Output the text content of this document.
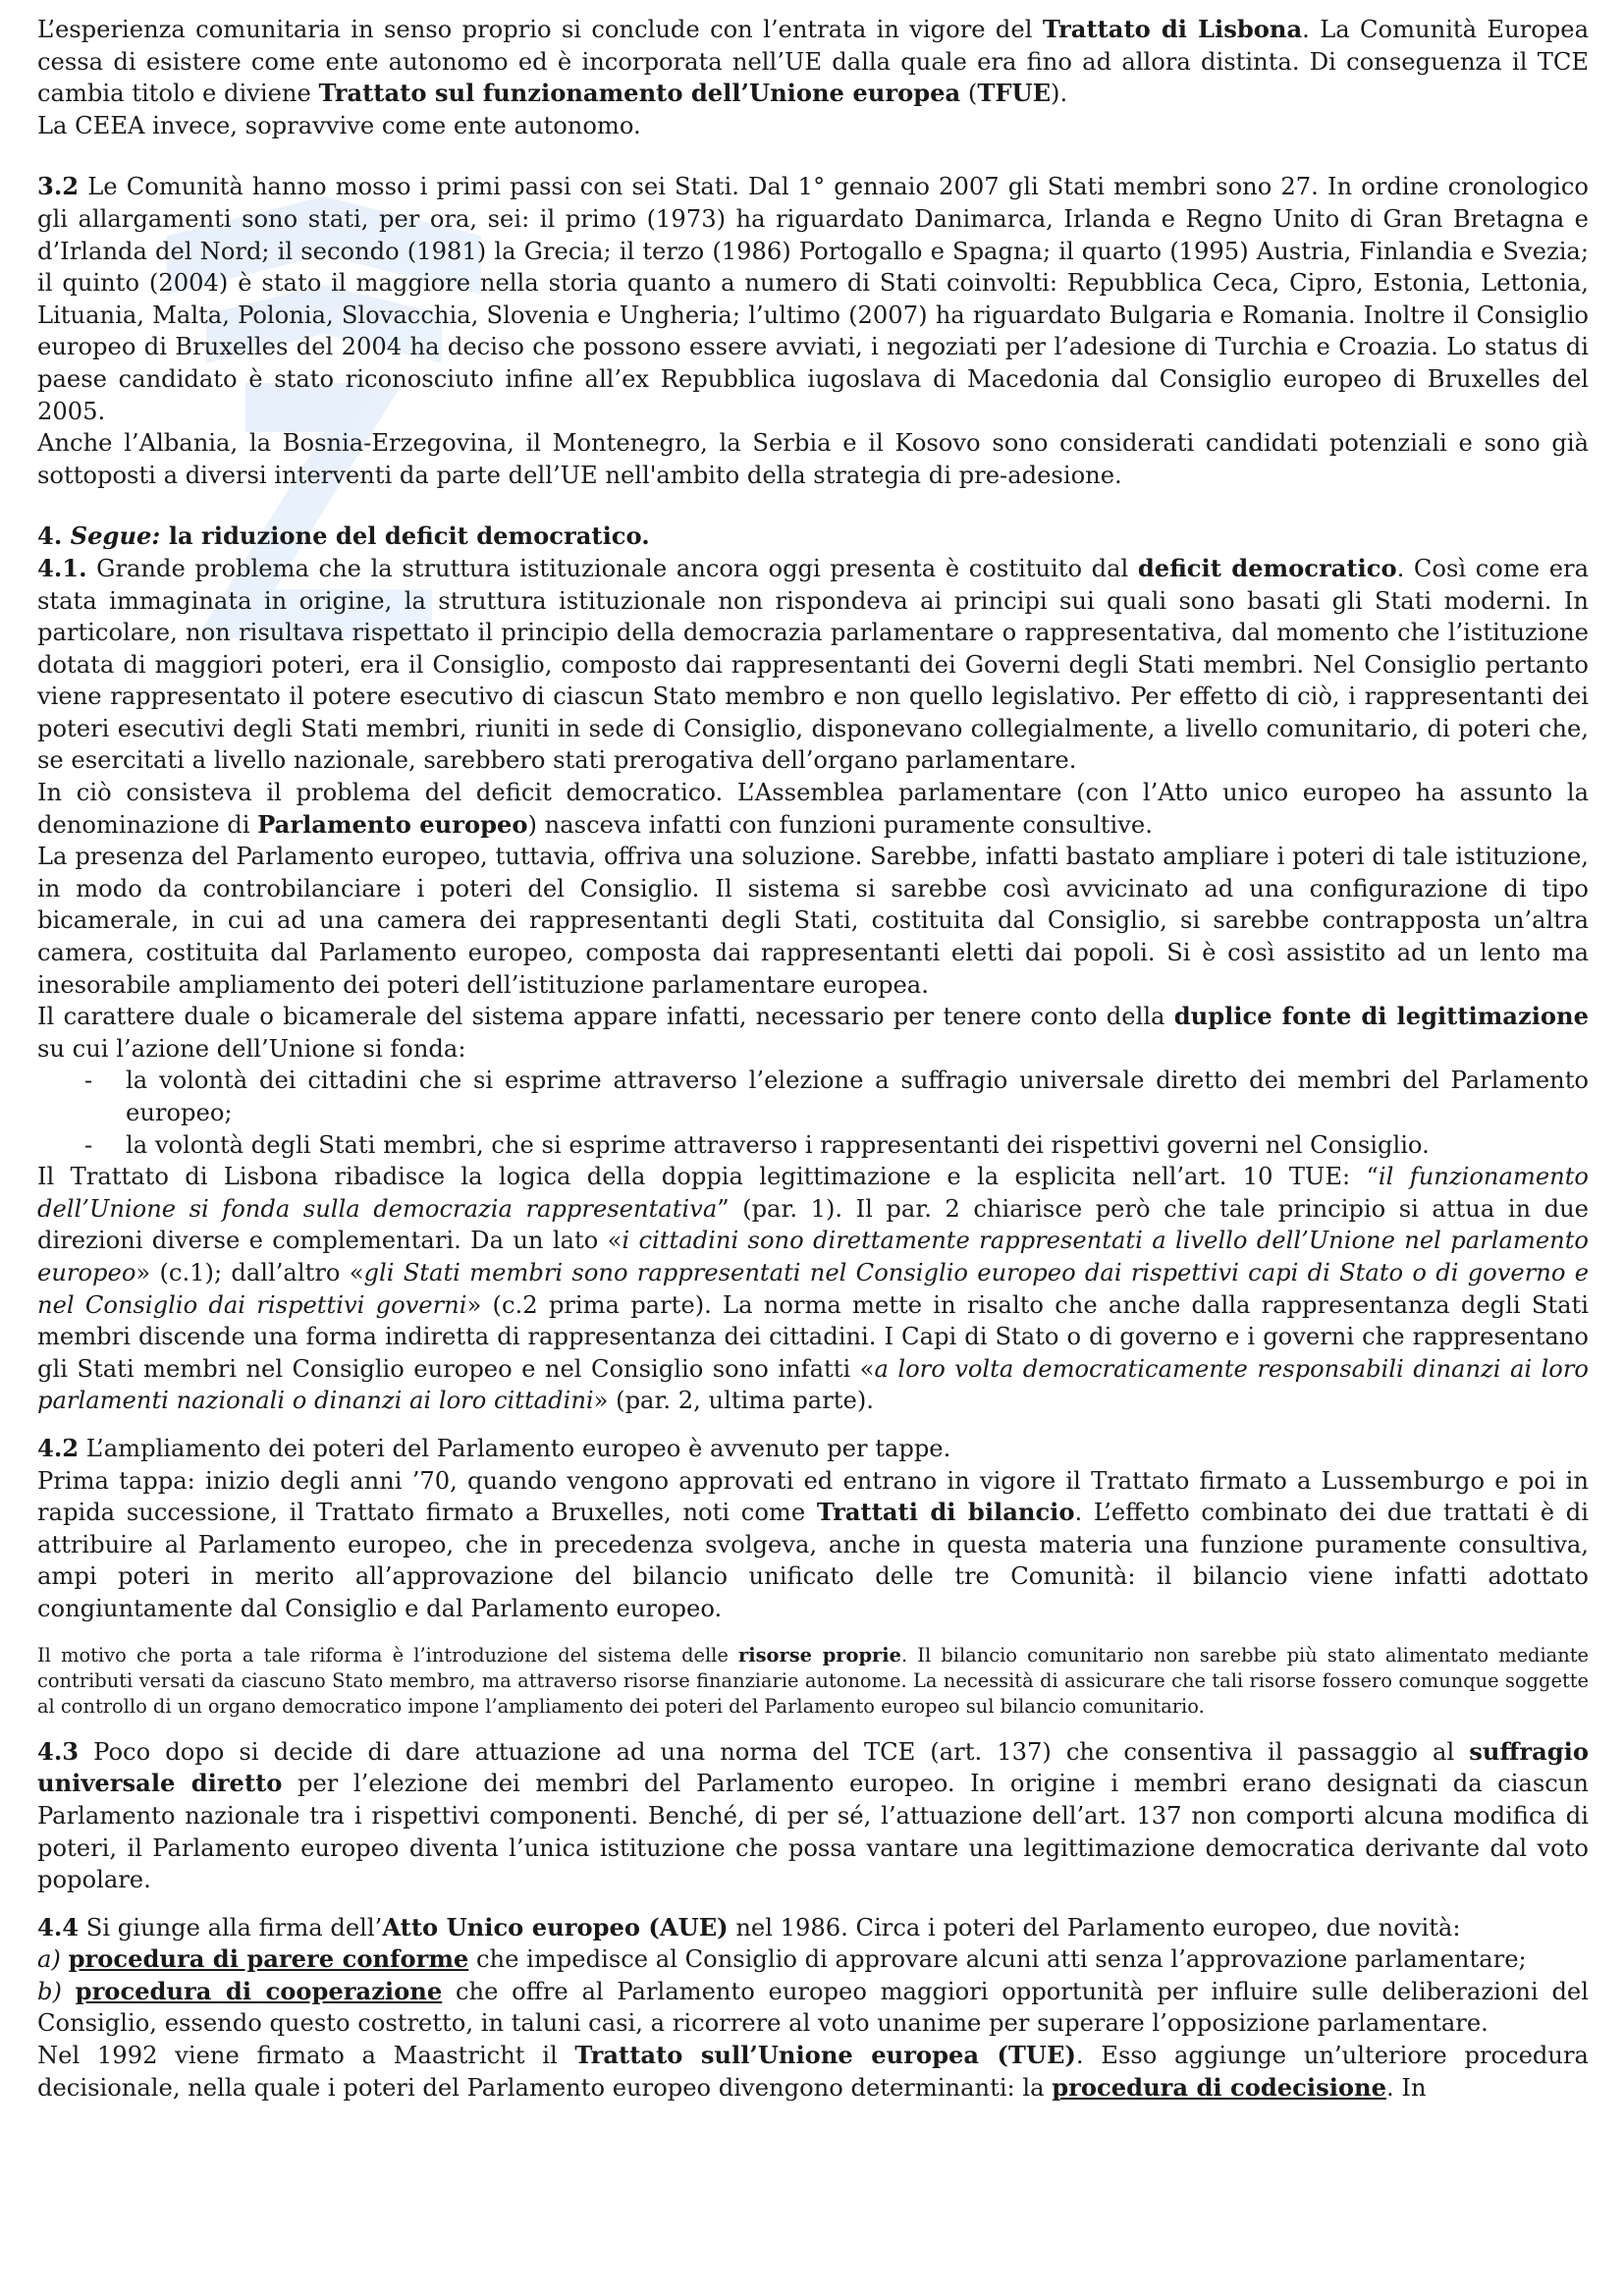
L’esperienza comunitaria in senso proprio si conclude con l’entrata in vigore del Trattato di Lisbona. La Comunità Europea cessa di esistere come ente autonomo ed è incorporata nell’UE dalla quale era fino ad allora distinta. Di conseguenza il TCE cambia titolo e diviene Trattato sul funzionamento dell’Unione europea (TFUE).

La CEEA invece, sopravvive come ente autonomo.

3.2 Le Comunità hanno mosso i primi passi con sei Stati. Dal 1° gennaio 2007 gli Stati membri sono 27. In ordine cronologico gli allargamenti sono stati, per ora, sei: il primo (1973) ha riguardato Danimarca, Irlanda e Regno Unito di Gran Bretagna e d’Irlanda del Nord; il secondo (1981) la Grecia; il terzo (1986) Portogallo e Spagna; il quarto (1995) Austria, Finlandia e Svezia; il quinto (2004) è stato il maggiore nella storia quanto a numero di Stati coinvolti: Repubblica Ceca, Cipro, Estonia, Lettonia, Lituania, Malta, Polonia, Slovacchia, Slovenia e Ungheria; l’ultimo (2007) ha riguardato Bulgaria e Romania. Inoltre il Consiglio europeo di Bruxelles del 2004 ha deciso che possono essere avviati, i negoziati per l’adesione di Turchia e Croazia. Lo status di paese candidato è stato riconosciuto infine all’ex Repubblica iugoslava di Macedonia dal Consiglio europeo di Bruxelles del 2005.

Anche l’Albania, la Bosnia-Erzegovina, il Montenegro, la Serbia e il Kosovo sono considerati candidati potenziali e sono già sottoposti a diversi interventi da parte dell’UE nell'ambito della strategia di pre-adesione.

4. Segue: la riduzione del deficit democratico.

4.1. Grande problema che la struttura istituzionale ancora oggi presenta è costituito dal deficit democratico. Così come era stata immaginata in origine, la struttura istituzionale non rispondeva ai principi sui quali sono basati gli Stati moderni. In particolare, non risultava rispettato il principio della democrazia parlamentare o rappresentativa, dal momento che l’istituzione dotata di maggiori poteri, era il Consiglio, composto dai rappresentanti dei Governi degli Stati membri. Nel Consiglio pertanto viene rappresentato il potere esecutivo di ciascun Stato membro e non quello legislativo. Per effetto di ciò, i rappresentanti dei poteri esecutivi degli Stati membri, riuniti in sede di Consiglio, disponevano collegialmente, a livello comunitario, di poteri che, se esercitati a livello nazionale, sarebbero stati prerogativa dell’organo parlamentare.

In ciò consisteva il problema del deficit democratico. L’Assemblea parlamentare (con l’Atto unico europeo ha assunto la denominazione di Parlamento europeo) nasceva infatti con funzioni puramente consultive.

La presenza del Parlamento europeo, tuttavia, offriva una soluzione. Sarebbe, infatti bastato ampliare i poteri di tale istituzione, in modo da controbilanciare i poteri del Consiglio. Il sistema si sarebbe così avvicinato ad una configurazione di tipo bicamerale, in cui ad una camera dei rappresentanti degli Stati, costituita dal Consiglio, si sarebbe contrapposta un’altra camera, costituita dal Parlamento europeo, composta dai rappresentanti eletti dai popoli. Si è così assistito ad un lento ma inesorabile ampliamento dei poteri dell’istituzione parlamentare europea.

Il carattere duale o bicamerale del sistema appare infatti, necessario per tenere conto della duplice fonte di legittimazione su cui l’azione dell’Unione si fonda:

- la volontà dei cittadini che si esprime attraverso l’elezione a suffragio universale diretto dei membri del Parlamento europeo;
- la volontà degli Stati membri, che si esprime attraverso i rappresentanti dei rispettivi governi nel Consiglio.

Il Trattato di Lisbona ribadisce la logica della doppia legittimazione e la esplicita nell’art. 10 TUE: “il funzionamento dell’Unione si fonda sulla democrazia rappresentativa” (par. 1). Il par. 2 chiarisce però che tale principio si attua in due direzioni diverse e complementari. Da un lato «i cittadini sono direttamente rappresentati a livello dell’Unione nel parlamento europeo» (c.1); dall’altro «gli Stati membri sono rappresentati nel Consiglio europeo dai rispettivi capi di Stato o di governo e nel Consiglio dai rispettivi governi» (c.2 prima parte). La norma mette in risalto che anche dalla rappresentanza degli Stati membri discende una forma indiretta di rappresentanza dei cittadini. I Capi di Stato o di governo e i governi che rappresentano gli Stati membri nel Consiglio europeo e nel Consiglio sono infatti «a loro volta democraticamente responsabili dinanzi ai loro parlamenti nazionali o dinanzi ai loro cittadini» (par. 2, ultima parte).

4.2 L’ampliamento dei poteri del Parlamento europeo è avvenuto per tappe.

Prima tappa: inizio degli anni ’70, quando vengono approvati ed entrano in vigore il Trattato firmato a Lussemburgo e poi in rapida successione, il Trattato firmato a Bruxelles, noti come Trattati di bilancio. L’effetto combinato dei due trattati è di attribuire al Parlamento europeo, che in precedenza svolgeva, anche in questa materia una funzione puramente consultiva, ampi poteri in merito all’approvazione del bilancio unificato delle tre Comunità: il bilancio viene infatti adottato congiuntamente dal Consiglio e dal Parlamento europeo.

Il motivo che porta a tale riforma è l’introduzione del sistema delle risorse proprie. Il bilancio comunitario non sarebbe più stato alimentato mediante contributi versati da ciascuno Stato membro, ma attraverso risorse finanziarie autonome. La necessità di assicurare che tali risorse fossero comunque soggette al controllo di un organo democratico impone l’ampliamento dei poteri del Parlamento europeo sul bilancio comunitario.

4.3 Poco dopo si decide di dare attuazione ad una norma del TCE (art. 137) che consentiva il passaggio al suffragio universale diretto per l’elezione dei membri del Parlamento europeo. In origine i membri erano designati da ciascun Parlamento nazionale tra i rispettivi componenti. Benché, di per sé, l’attuazione dell’art. 137 non comporti alcuna modifica di poteri, il Parlamento europeo diventa l’unica istituzione che possa vantare una legittimazione democratica derivante dal voto popolare.

4.4 Si giunge alla firma dell’Atto Unico europeo (AUE) nel 1986. Circa i poteri del Parlamento europeo, due novità:

a) procedura di parere conforme che impedisce al Consiglio di approvare alcuni atti senza l’approvazione parlamentare;

b) procedura di cooperazione che offre al Parlamento europeo maggiori opportunità per influire sulle deliberazioni del Consiglio, essendo questo costretto, in taluni casi, a ricorrere al voto unanime per superare l’opposizione parlamentare.

Nel 1992 viene firmato a Maastricht il Trattato sull’Unione europea (TUE). Esso aggiunge un’ulteriore procedura decisionale, nella quale i poteri del Parlamento europeo divengono determinanti: la procedura di codecisione. In
